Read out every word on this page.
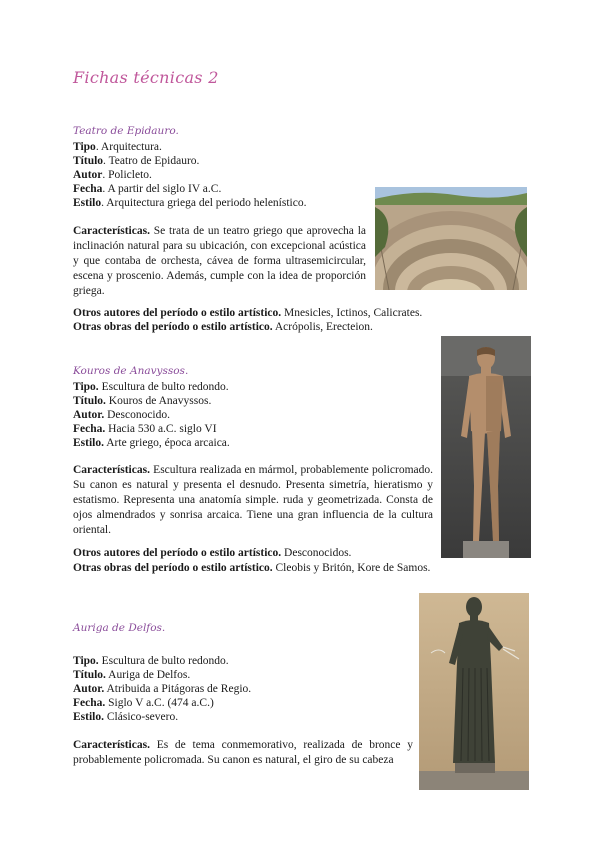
Fichas técnicas 2
Teatro de Epidauro.

Tipo. Arquitectura.

Título. Teatro de Epidauro.

Autor. Policleto.

Fecha. A partir del siglo IV a.C.

Estilo. Arquitectura griega del periodo helenístico.

Características. Se trata de un teatro griego que aprovecha la inclinación natural para su ubicación, con excepcional acústica y que contaba de orchesta, cávea de forma ultrasemicircular, escena y proscenio. Además, cumple con la idea de proporción griega.

Otros autores del período o estilo artístico. Mnesicles, Ictinos, Calicrates.

Otras obras del período o estilo artístico. Acrópolis, Erecteion.

Kouros de Anavyssos.

Tipo. Escultura de bulto redondo.

Título. Kouros de Anavyssos.

Autor. Desconocido.

Fecha. Hacia 530 a.C. siglo VI

Estilo. Arte griego, época arcaica.

Características. Escultura realizada en mármol, probablemente policromado. Su canon es natural y presenta el desnudo. Presenta simetría, hieratismo y estatismo. Representa una anatomía simple. ruda y geometrizada. Consta de ojos almendrados y sonrisa arcaica. Tiene una gran influencia de la cultura oriental.

Otros autores del período o estilo artístico. Desconocidos.

Otras obras del período o estilo artístico. Cleobis y Britón, Kore de Samos.

Auriga de Delfos.

Tipo. Escultura de bulto redondo.

Título. Auriga de Delfos.

Autor. Atribuida a Pitágoras de Regio.

Fecha. Siglo V a.C. (474 a.C.)

Estilo. Clásico-severo.

Características. Es de tema conmemorativo, realizada de bronce y probablemente policromada. Su canon es natural, el giro de su cabeza
